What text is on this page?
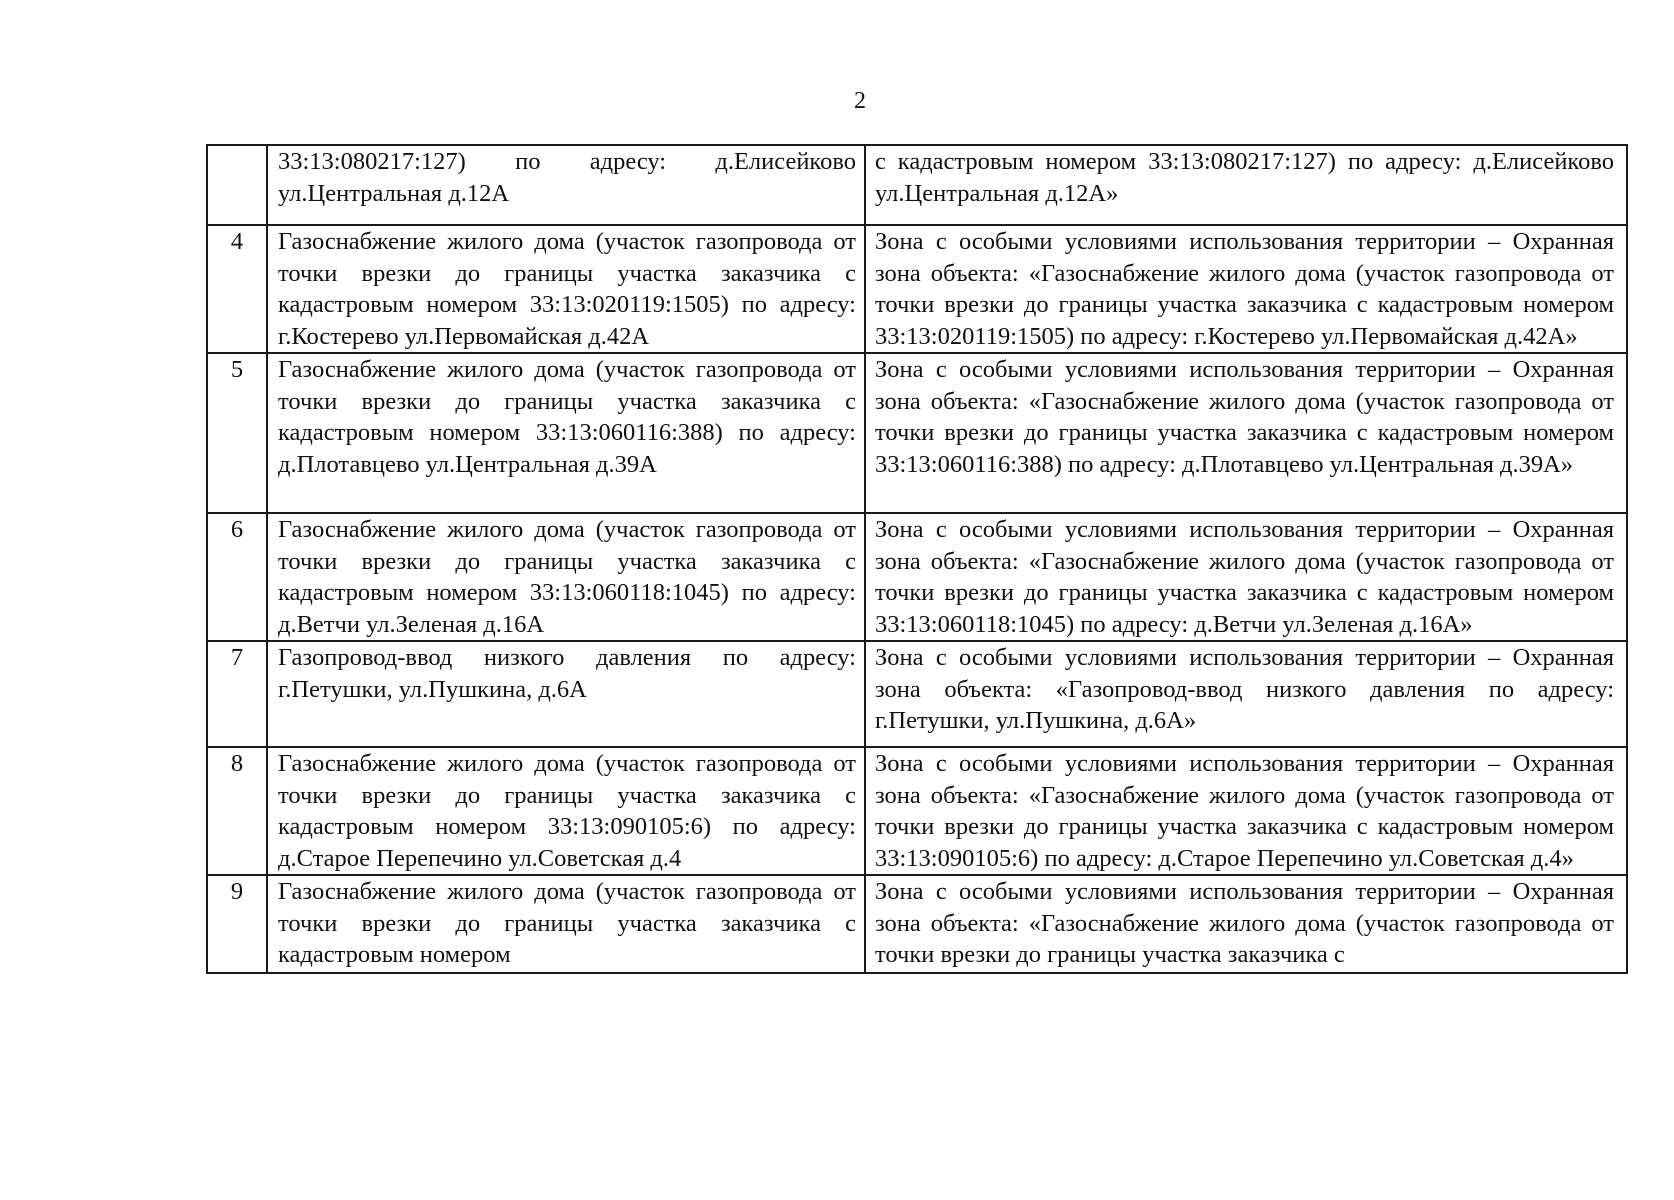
2
	33:13:080217:127) по адресу: д.Елисейково ул.Центральная д.12А	с кадастровым номером 33:13:080217:127) по адресу: д.Елисейково ул.Центральная д.12А»
4	Газоснабжение жилого дома (участок газопровода от точки врезки до границы участка заказчика с кадастровым номером 33:13:020119:1505) по адресу: г.Костерево ул.Первомайская д.42А	Зона с особыми условиями использования территории – Охранная зона объекта: «Газоснабжение жилого дома (участок газопровода от точки врезки до границы участка заказчика с кадастровым номером 33:13:020119:1505) по адресу: г.Костерево ул.Первомайская д.42А»
5	Газоснабжение жилого дома (участок газопровода от точки врезки до границы участка заказчика с кадастровым номером 33:13:060116:388) по адресу: д.Плотавцево ул.Центральная д.39А	Зона с особыми условиями использования территории – Охранная зона объекта: «Газоснабжение жилого дома (участок газопровода от точки врезки до границы участка заказчика с кадастровым номером 33:13:060116:388) по адресу: д.Плотавцево ул.Центральная д.39А»
6	Газоснабжение жилого дома (участок газопровода от точки врезки до границы участка заказчика с кадастровым номером 33:13:060118:1045) по адресу: д.Ветчи ул.Зеленая д.16А	Зона с особыми условиями использования территории – Охранная зона объекта: «Газоснабжение жилого дома (участок газопровода от точки врезки до границы участка заказчика с кадастровым номером 33:13:060118:1045) по адресу: д.Ветчи ул.Зеленая д.16А»
7	Газопровод-ввод низкого давления по адресу: г.Петушки, ул.Пушкина, д.6А	Зона с особыми условиями использования территории – Охранная зона объекта: «Газопровод-ввод низкого давления по адресу: г.Петушки, ул.Пушкина, д.6А»
8	Газоснабжение жилого дома (участок газопровода от точки врезки до границы участка заказчика с кадастровым номером 33:13:090105:6) по адресу: д.Старое Перепечино ул.Советская д.4	Зона с особыми условиями использования территории – Охранная зона объекта: «Газоснабжение жилого дома (участок газопровода от точки врезки до границы участка заказчика с кадастровым номером 33:13:090105:6) по адресу: д.Старое Перепечино ул.Советская д.4»
9	Газоснабжение жилого дома (участок газопровода от точки врезки до границы участка заказчика с кадастровым номером	Зона с особыми условиями использования территории – Охранная зона объекта: «Газоснабжение жилого дома (участок газопровода от точки врезки до границы участка заказчика с
